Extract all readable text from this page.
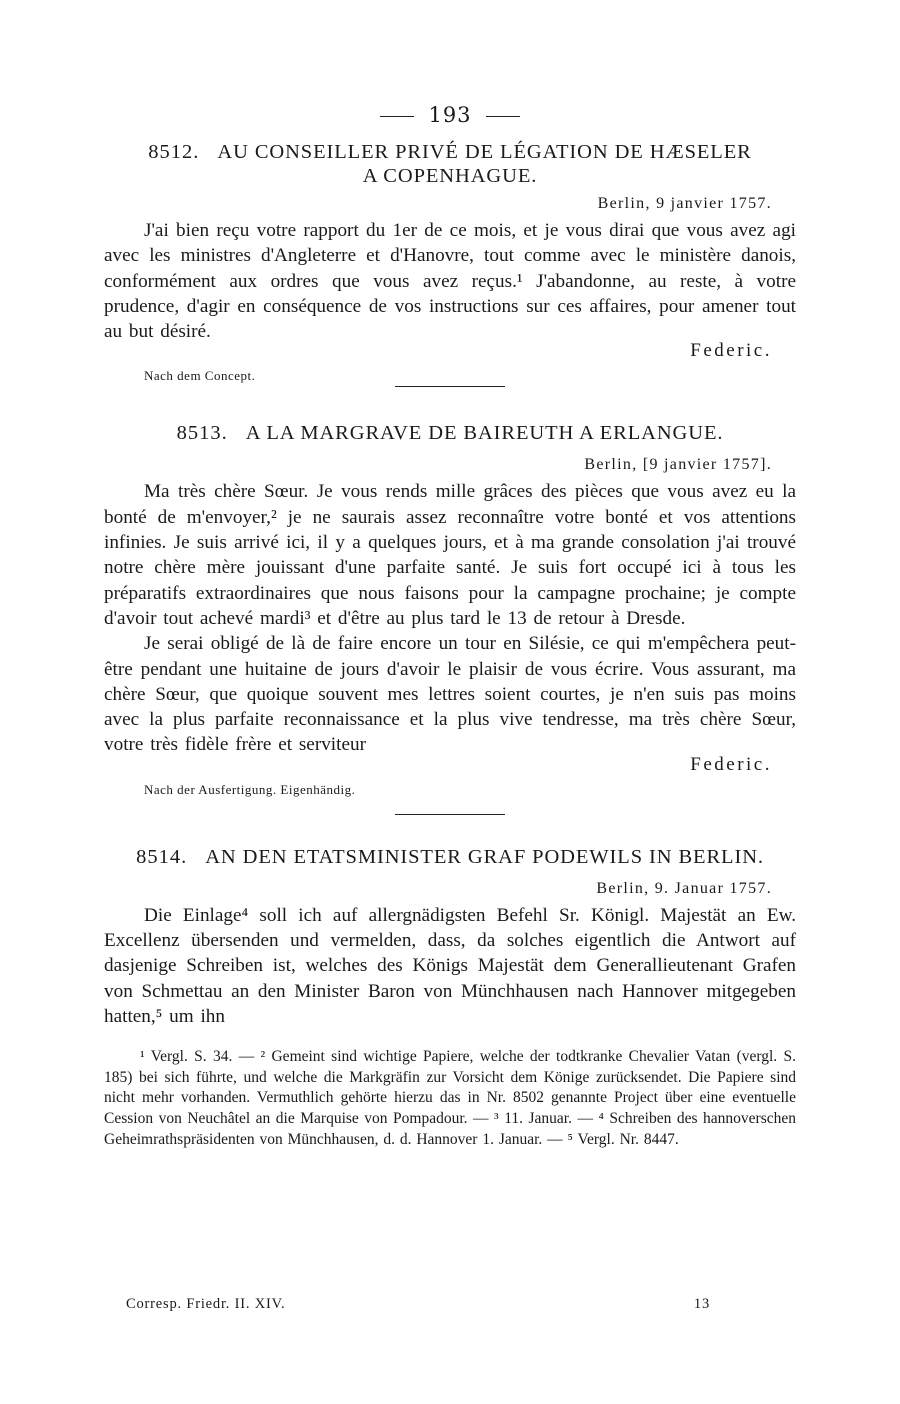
193

8512. AU CONSEILLER PRIVÉ DE LÉGATION DE HÆSELER

A COPENHAGUE.

Berlin, 9 janvier 1757.

J'ai bien reçu votre rapport du 1er de ce mois, et je vous dirai que vous avez agi avec les ministres d'Angleterre et d'Hanovre, tout comme avec le ministère danois, conformément aux ordres que vous avez reçus.¹ J'abandonne, au reste, à votre prudence, d'agir en conséquence de vos instructions sur ces affaires, pour amener tout au but désiré.

Federic.
Nach dem Concept.

8513. A LA MARGRAVE DE BAIREUTH A ERLANGUE.

Berlin, [9 janvier 1757].

Ma très chère Sœur. Je vous rends mille grâces des pièces que vous avez eu la bonté de m'envoyer,² je ne saurais assez reconnaître votre bonté et vos attentions infinies. Je suis arrivé ici, il y a quelques jours, et à ma grande consolation j'ai trouvé notre chère mère jouissant d'une parfaite santé. Je suis fort occupé ici à tous les préparatifs extraordinaires que nous faisons pour la campagne prochaine; je compte d'avoir tout achevé mardi³ et d'être au plus tard le 13 de retour à Dresde.

Je serai obligé de là de faire encore un tour en Silésie, ce qui m'empêchera peut-être pendant une huitaine de jours d'avoir le plaisir de vous écrire. Vous assurant, ma chère Sœur, que quoique souvent mes lettres soient courtes, je n'en suis pas moins avec la plus parfaite reconnaissance et la plus vive tendresse, ma très chère Sœur, votre très fidèle frère et serviteur

Federic.
Nach der Ausfertigung. Eigenhändig.

8514. AN DEN ETATSMINISTER GRAF PODEWILS IN BERLIN.

Berlin, 9. Januar 1757.

Die Einlage⁴ soll ich auf allergnädigsten Befehl Sr. Königl. Majestät an Ew. Excellenz übersenden und vermelden, dass, da solches eigentlich die Antwort auf dasjenige Schreiben ist, welches des Königs Majestät dem Generallieutenant Grafen von Schmettau an den Minister Baron von Münchhausen nach Hannover mitgegeben hatten,⁵ um ihn

¹ Vergl. S. 34. — ² Gemeint sind wichtige Papiere, welche der todtkranke Chevalier Vatan (vergl. S. 185) bei sich führte, und welche die Markgräfin zur Vorsicht dem Könige zurücksendet. Die Papiere sind nicht mehr vorhanden. Vermuthlich gehörte hierzu das in Nr. 8502 genannte Project über eine eventuelle Cession von Neuchâtel an die Marquise von Pompadour. — ³ 11. Januar. — ⁴ Schreiben des hannoverschen Geheimrathspräsidenten von Münchhausen, d. d. Hannover 1. Januar. — ⁵ Vergl. Nr. 8447.

Corresp. Friedr. II. XIV.	13
